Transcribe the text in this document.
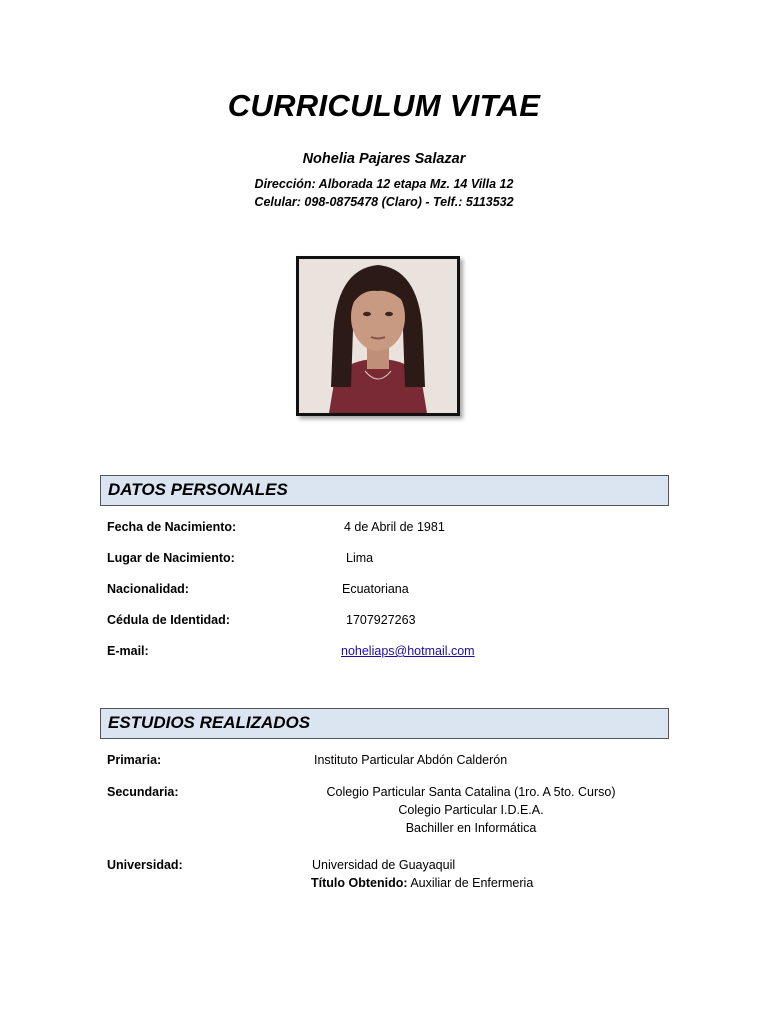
CURRICULUM VITAE
Nohelia Pajares Salazar
Dirección: Alborada 12 etapa Mz. 14 Villa 12
Celular: 098-0875478 (Claro) - Telf.: 5113532
DATOS PERSONALES
Fecha de Nacimiento:	4 de Abril de 1981
Lugar de Nacimiento:	Lima
Nacionalidad:	Ecuatoriana
Cédula de Identidad:	1707927263
E-mail:	noheliaps@hotmail.com
ESTUDIOS REALIZADOS
Primaria:	Instituto Particular Abdón Calderón
Secundaria:	Colegio Particular Santa Catalina (1ro. A 5to. Curso)
Colegio Particular I.D.E.A.
Bachiller en Informática
Universidad:	Universidad de Guayaquil
Título Obtenido: Auxiliar de Enfermeria
